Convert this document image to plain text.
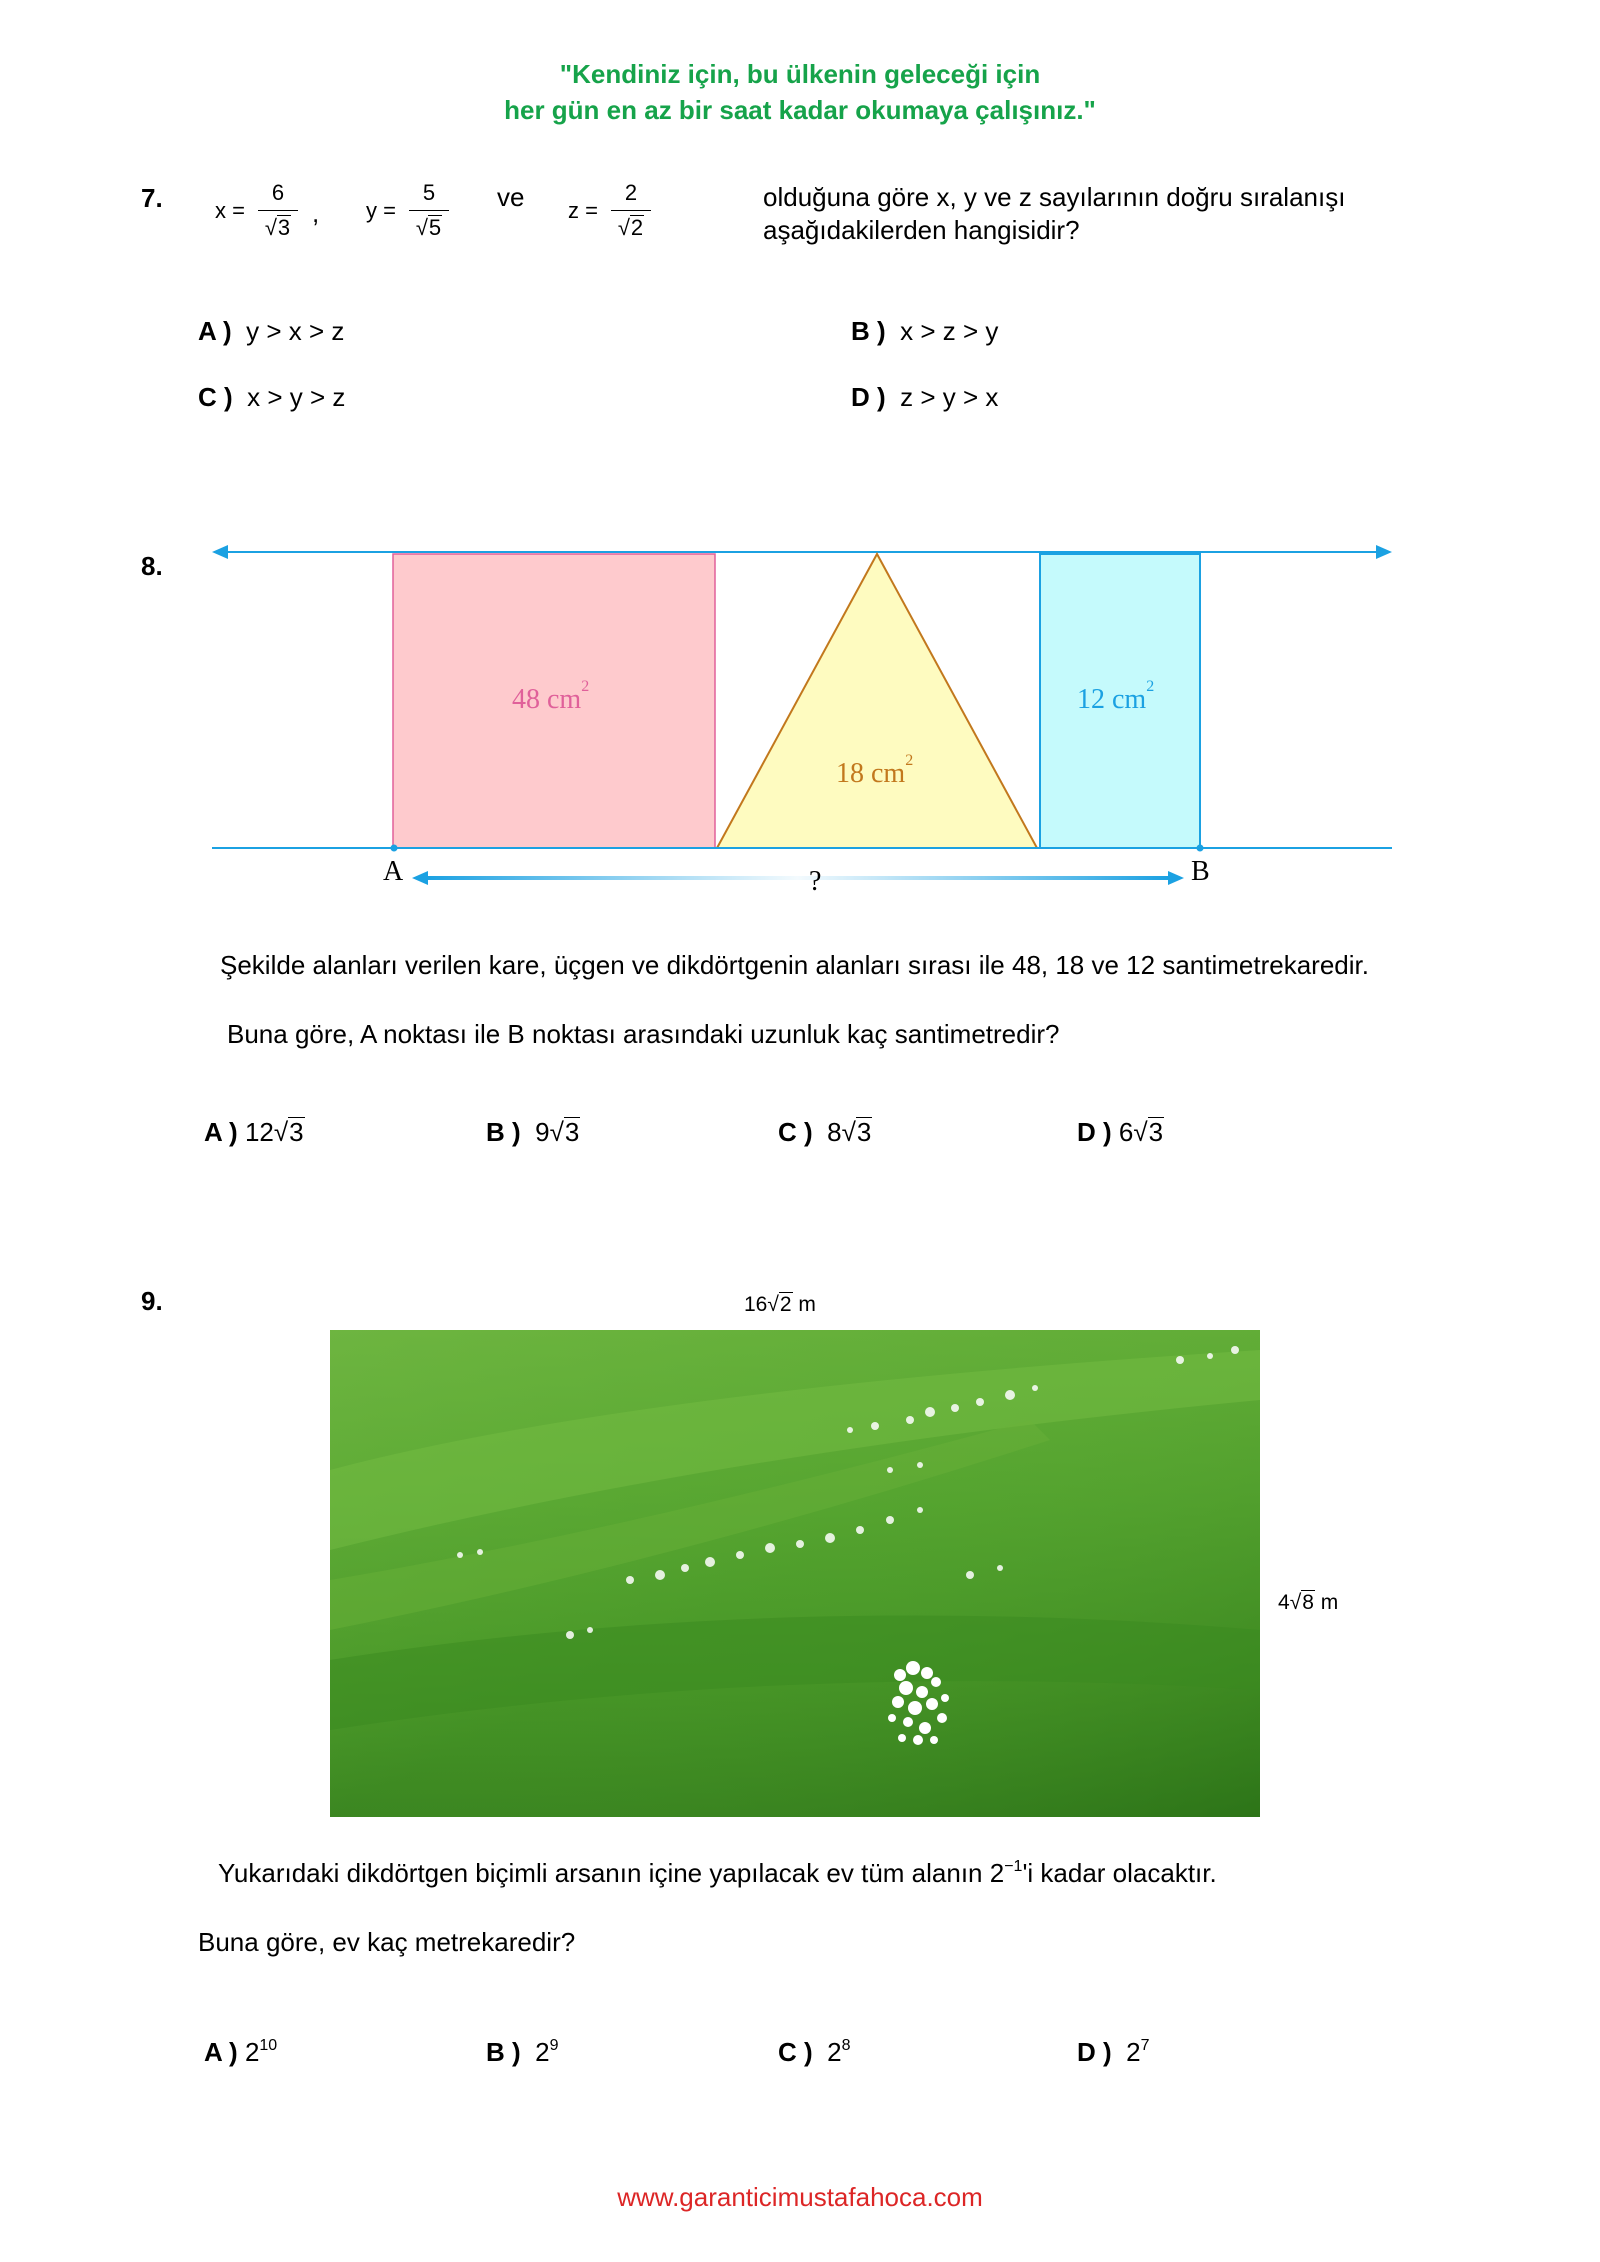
"Kendiniz için, bu ülkenin geleceği için
her gün en az bir saat kadar okumaya çalışınız."
7. x =
6
√3 , y =
5
√5
ve z =
2
√2
olduğuna göre x, y ve z sayılarının doğru sıralanışı
aşağıdakilerden hangisidir?
A ) y > x > z	B ) x > z > y
C ) x > y > z	D ) z > y > x
8.
48 $cm^2$
18 $cm^2$
12 $cm^2$
A	B
?
Şekilde alanları verilen kare, üçgen ve dikdörtgenin alanları sırası ile 48, 18 ve 12 santimetrekaredir.
Buna göre, A noktası ile B noktası arasındaki uzunluk kaç santimetredir?
A ) 12√3	B ) 9√3	C ) 8√3	D ) 6√3
9.	16√2 m
4√8 m
Yukarıdaki dikdörtgen biçimli arsanın içine yapılacak ev tüm alanın $2^{-1}'i$ kadar olacaktır.
Buna göre, ev kaç metrekaredir?
A ) $2^{10}$	B ) $2^9$	C ) $2^8$	D ) $2^7$
www.garanticimustafahoca.com
